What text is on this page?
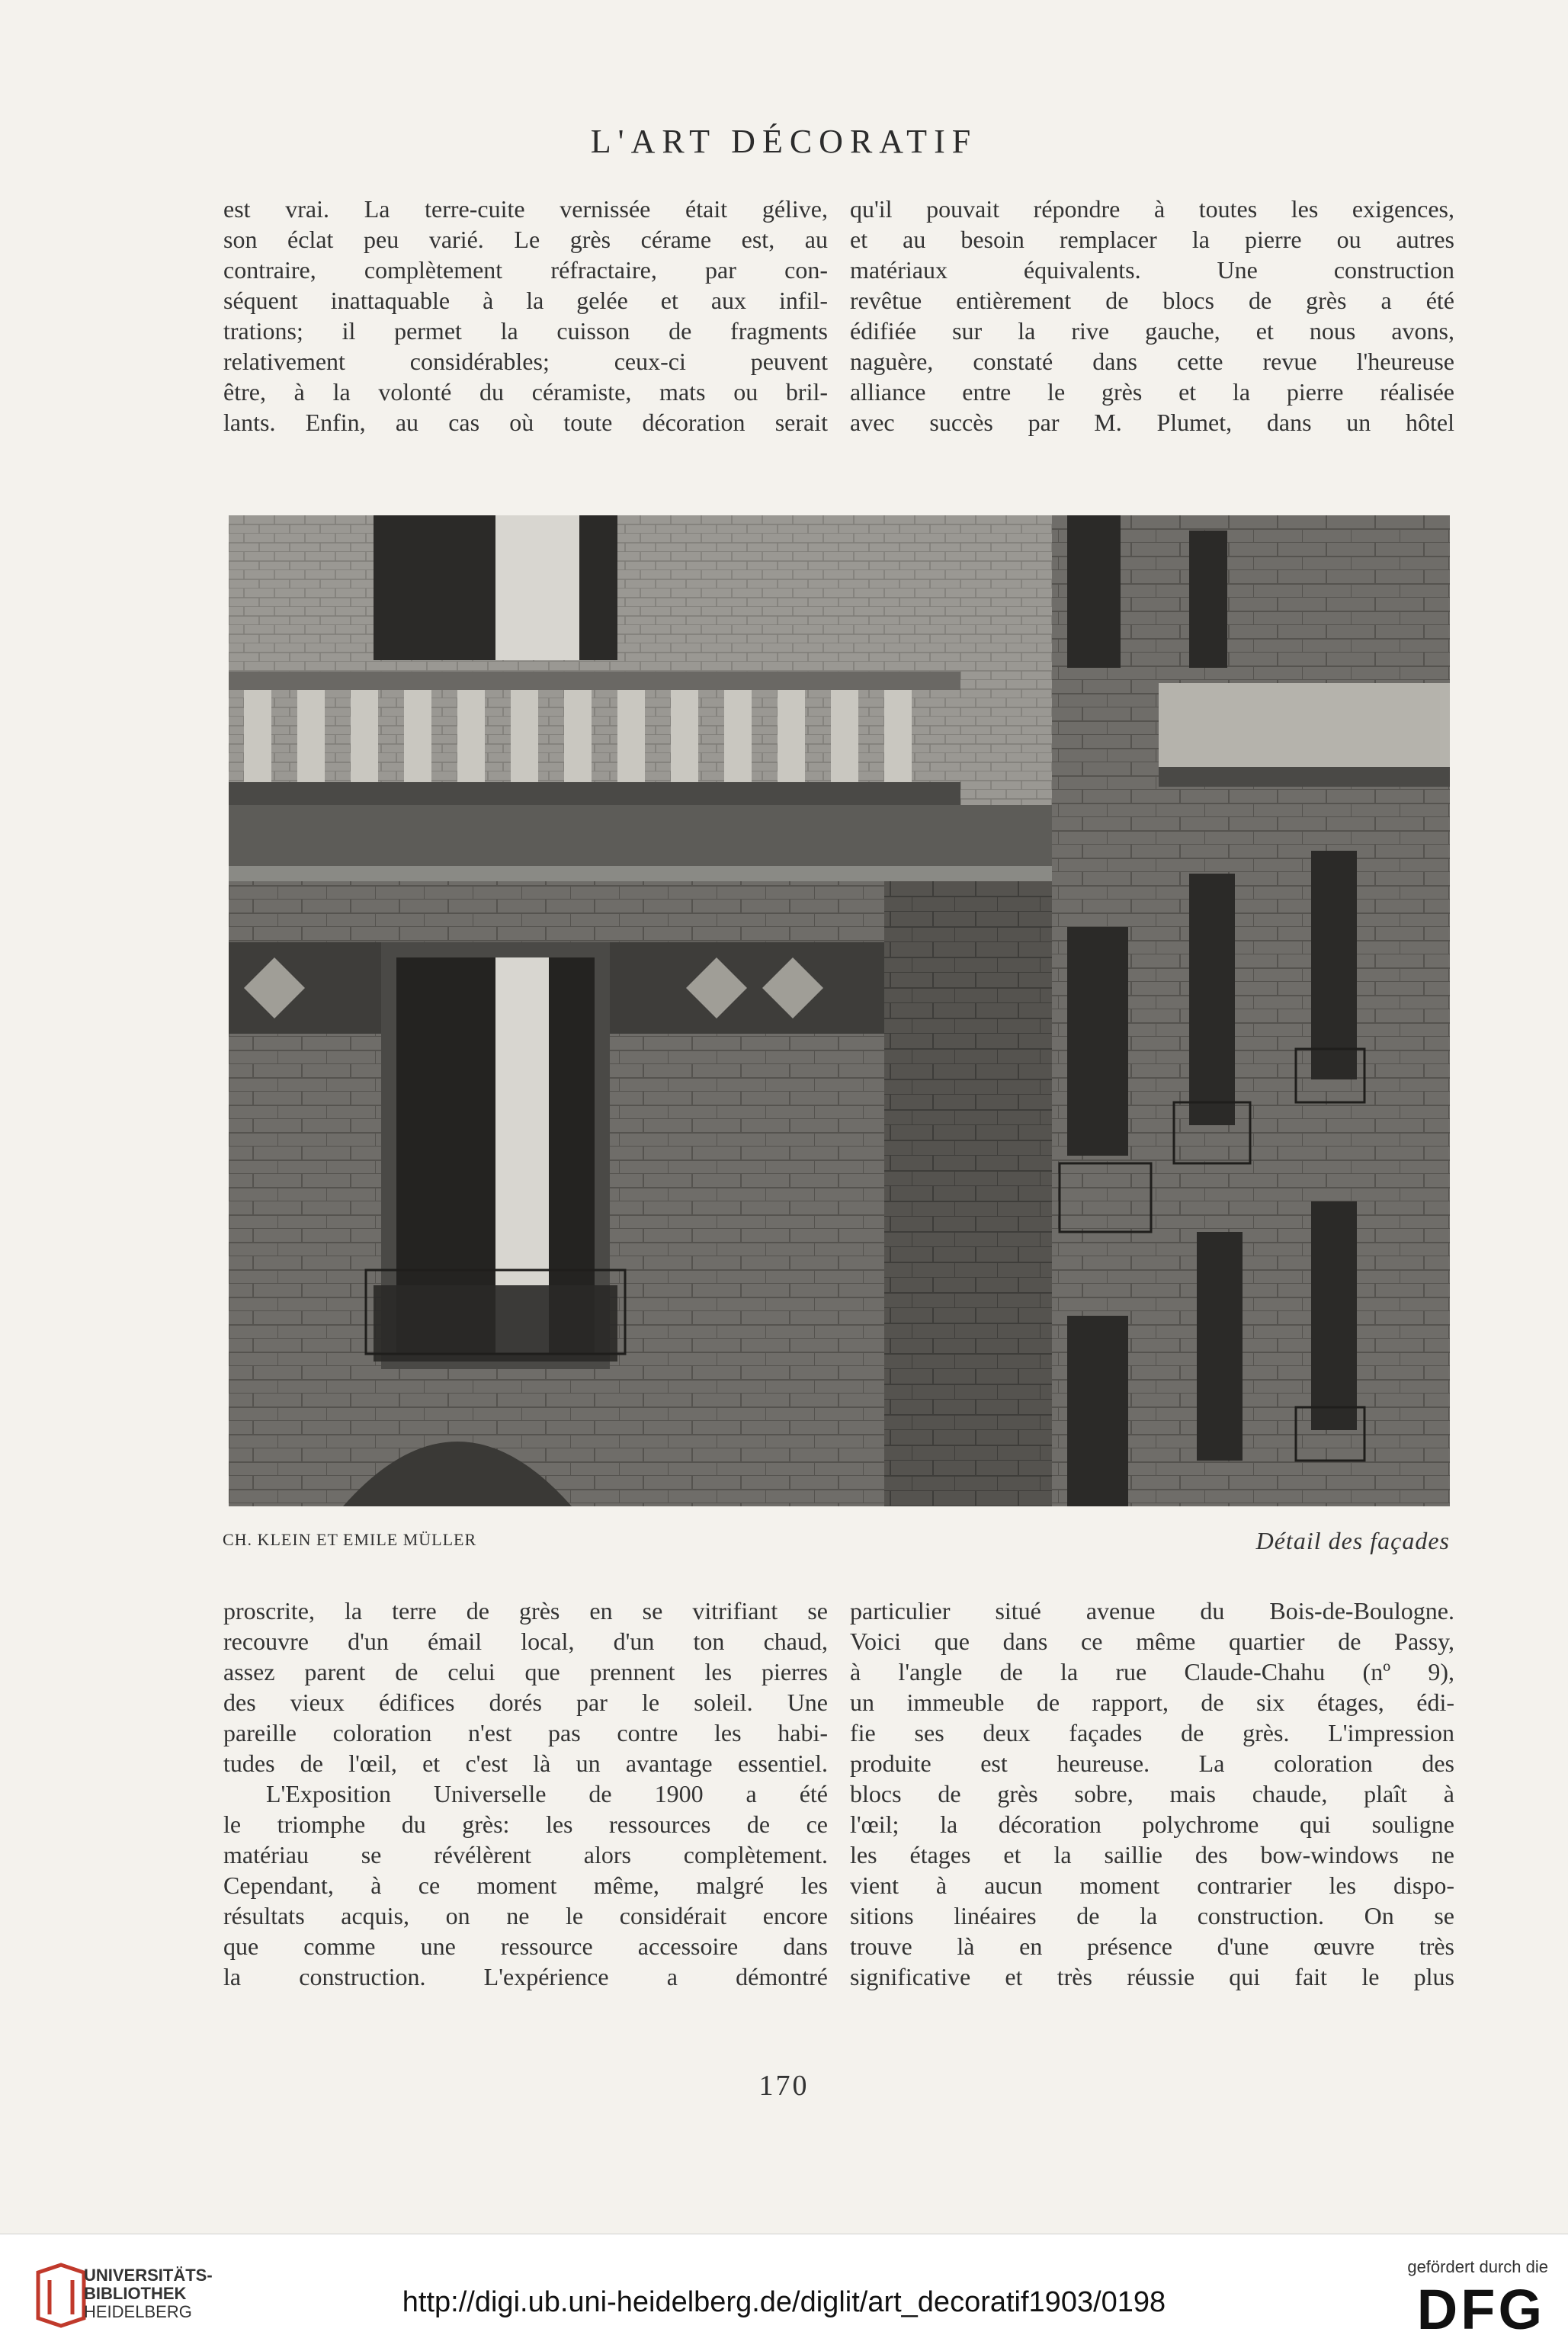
L'ART DÉCORATIF
est vrai. La terre-cuite vernissée était gélive,
son éclat peu varié. Le grès cérame est, au
contraire, complètement réfractaire, par con-
séquent inattaquable à la gelée et aux infil-
trations; il permet la cuisson de fragments
relativement considérables; ceux-ci peuvent
être, à la volonté du céramiste, mats ou bril-
lants. Enfin, au cas où toute décoration serait
qu'il pouvait répondre à toutes les exigences,
et au besoin remplacer la pierre ou autres
matériaux équivalents. Une construction
revêtue entièrement de blocs de grès a été
édifiée sur la rive gauche, et nous avons,
naguère, constaté dans cette revue l'heureuse
alliance entre le grès et la pierre réalisée
avec succès par M. Plumet, dans un hôtel
CH. KLEIN ET EMILE MÜLLER	Détail des façades
proscrite, la terre de grès en se vitrifiant se
recouvre d'un émail local, d'un ton chaud,
assez parent de celui que prennent les pierres
des vieux édifices dorés par le soleil. Une
pareille coloration n'est pas contre les habi-
tudes de l'œil, et c'est là un avantage essentiel.
L'Exposition Universelle de 1900 a été
le triomphe du grès: les ressources de ce
matériau se révélèrent alors complètement.
Cependant, à ce moment même, malgré les
résultats acquis, on ne le considérait encore
que comme une ressource accessoire dans
la construction. L'expérience a démontré
particulier situé avenue du Bois-de-Boulogne.
Voici que dans ce même quartier de Passy,
à l'angle de la rue Claude-Chahu (nº 9),
un immeuble de rapport, de six étages, édi-
fie ses deux façades de grès. L'impression
produite est heureuse. La coloration des
blocs de grès sobre, mais chaude, plaît à
l'œil; la décoration polychrome qui souligne
les étages et la saillie des bow-windows ne
vient à aucun moment contrarier les dispo-
sitions linéaires de la construction. On se
trouve là en présence d'une œuvre très
significative et très réussie qui fait le plus
170
UNIVERSITÄTS-
BIBLIOTHEK
HEIDELBERG	http://digi.ub.uni-heidelberg.de/diglit/art_decoratif1903/0198
gefördert durch die
DFG
